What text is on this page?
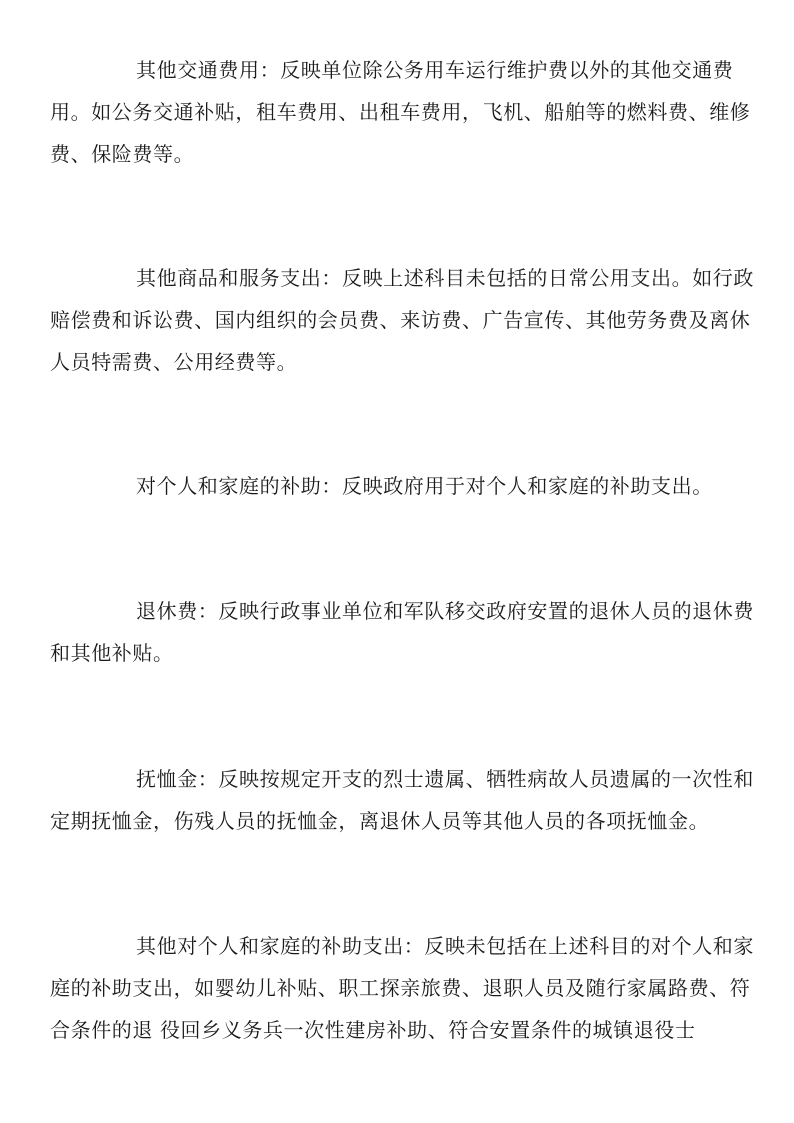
其他交通费用：反映单位除公务用车运行维护费以外的其他交通费用。如公务交通补贴，租车费用、出租车费用，飞机、船舶等的燃料费、维修费、保险费等。

其他商品和服务支出：反映上述科目未包括的日常公用支出。如行政赔偿费和诉讼费、国内组织的会员费、来访费、广告宣传、其他劳务费及离休人员特需费、公用经费等。

对个人和家庭的补助：反映政府用于对个人和家庭的补助支出。

退休费：反映行政事业单位和军队移交政府安置的退休人员的退休费和其他补贴。

抚恤金：反映按规定开支的烈士遗属、牺牲病故人员遗属的一次性和定期抚恤金，伤残人员的抚恤金，离退休人员等其他人员的各项抚恤金。

其他对个人和家庭的补助支出：反映未包括在上述科目的对个人和家庭的补助支出，如婴幼儿补贴、职工探亲旅费、退职人员及随行家属路费、符合条件的退 役回乡义务兵一次性建房补助、符合安置条件的城镇退役士
